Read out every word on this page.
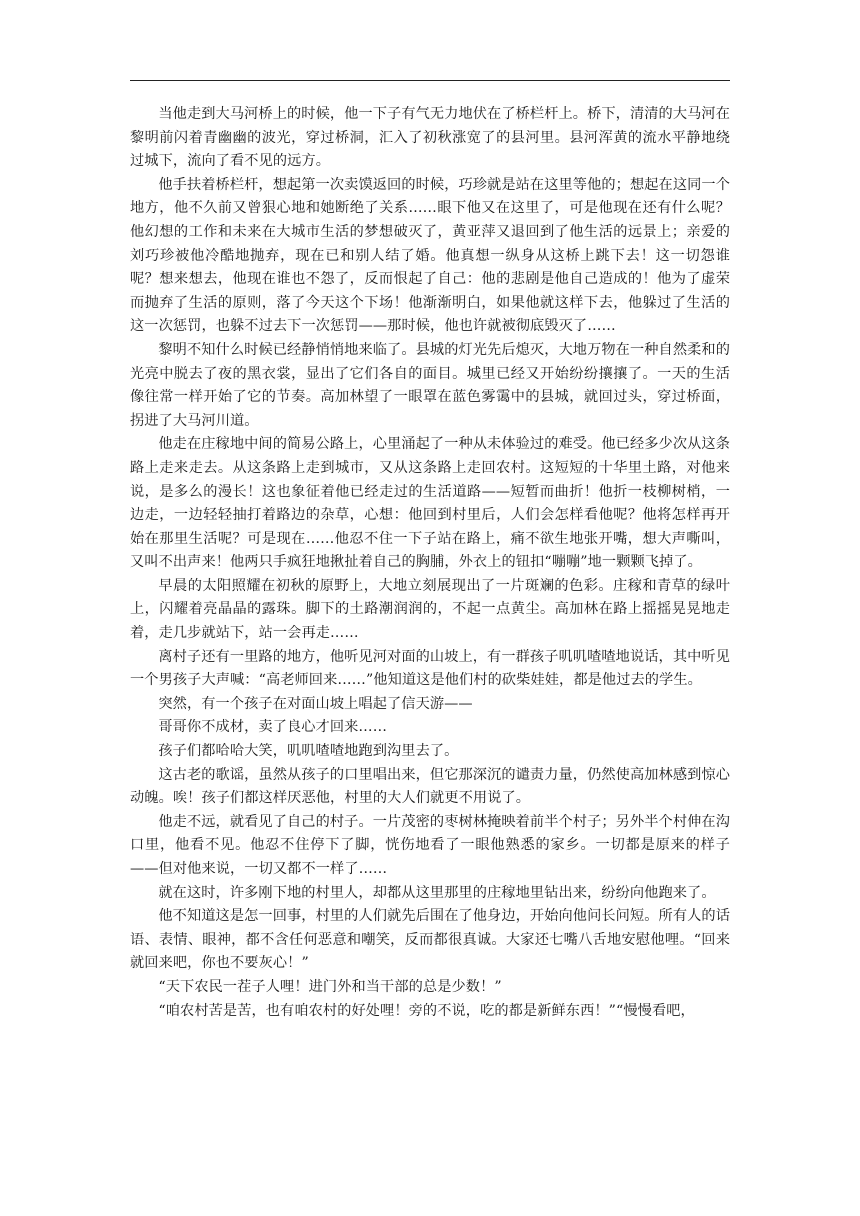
当他走到大马河桥上的时候，他一下子有气无力地伏在了桥栏杆上。桥下，清清的大马河在黎明前闪着青幽幽的波光，穿过桥洞，汇入了初秋涨宽了的县河里。县河浑黄的流水平静地绕过城下，流向了看不见的远方。

他手扶着桥栏杆，想起第一次卖馍返回的时候，巧珍就是站在这里等他的；想起在这同一个地方，他不久前又曾狠心地和她断绝了关系……眼下他又在这里了，可是他现在还有什么呢？他幻想的工作和未来在大城市生活的梦想破灭了，黄亚萍又退回到了他生活的远景上；亲爱的刘巧珍被他冷酷地抛弃，现在已和别人结了婚。他真想一纵身从这桥上跳下去！这一切怨谁呢？想来想去，他现在谁也不怨了，反而恨起了自己：他的悲剧是他自己造成的！他为了虚荣而抛弃了生活的原则，落了今天这个下场！他渐渐明白，如果他就这样下去，他躲过了生活的这一次惩罚，也躲不过去下一次惩罚——那时候，他也许就被彻底毁灭了……

黎明不知什么时候已经静悄悄地来临了。县城的灯光先后熄灭，大地万物在一种自然柔和的光亮中脱去了夜的黑衣裳，显出了它们各自的面目。城里已经又开始纷纷攘攘了。一天的生活像往常一样开始了它的节奏。高加林望了一眼罩在蓝色雾霭中的县城，就回过头，穿过桥面，拐进了大马河川道。

他走在庄稼地中间的简易公路上，心里涌起了一种从未体验过的难受。他已经多少次从这条路上走来走去。从这条路上走到城市，又从这条路上走回农村。这短短的十华里土路，对他来说，是多么的漫长！这也象征着他已经走过的生活道路——短暂而曲折！他折一枝柳树梢，一边走，一边轻轻抽打着路边的杂草，心想：他回到村里后，人们会怎样看他呢？他将怎样再开始在那里生活呢？可是现在……他忍不住一下子站在路上，痛不欲生地张开嘴，想大声嘶叫，又叫不出声来！他两只手疯狂地揪扯着自己的胸脯，外衣上的钮扣“嘣嘣”地一颗颗飞掉了。

早晨的太阳照耀在初秋的原野上，大地立刻展现出了一片斑斓的色彩。庄稼和青草的绿叶上，闪耀着亮晶晶的露珠。脚下的土路潮润润的，不起一点黄尘。高加林在路上摇摇晃晃地走着，走几步就站下，站一会再走……

离村子还有一里路的地方，他听见河对面的山坡上，有一群孩子叽叽喳喳地说话，其中听见一个男孩子大声喊：“高老师回来……”他知道这是他们村的砍柴娃娃，都是他过去的学生。

突然，有一个孩子在对面山坡上唱起了信天游——

哥哥你不成材，卖了良心才回来……

孩子们都哈哈大笑，叽叽喳喳地跑到沟里去了。

这古老的歌谣，虽然从孩子的口里唱出来，但它那深沉的谴责力量，仍然使高加林感到惊心动魄。唉！孩子们都这样厌恶他，村里的大人们就更不用说了。

他走不远，就看见了自己的村子。一片茂密的枣树林掩映着前半个村子；另外半个村伸在沟口里，他看不见。他忍不住停下了脚，恍伤地看了一眼他熟悉的家乡。一切都是原来的样子——但对他来说，一切又都不一样了……

就在这时，许多刚下地的村里人，却都从这里那里的庄稼地里钻出来，纷纷向他跑来了。

他不知道这是怎一回事，村里的人们就先后围在了他身边，开始向他问长问短。所有人的话语、表情、眼神，都不含任何恶意和嘲笑，反而都很真诚。大家还七嘴八舌地安慰他哩。“回来就回来吧，你也不要灰心！”

“天下农民一茬子人哩！进门外和当干部的总是少数！”

“咱农村苦是苦，也有咱农村的好处哩！旁的不说，吃的都是新鲜东西！”“慢慢看吧，
